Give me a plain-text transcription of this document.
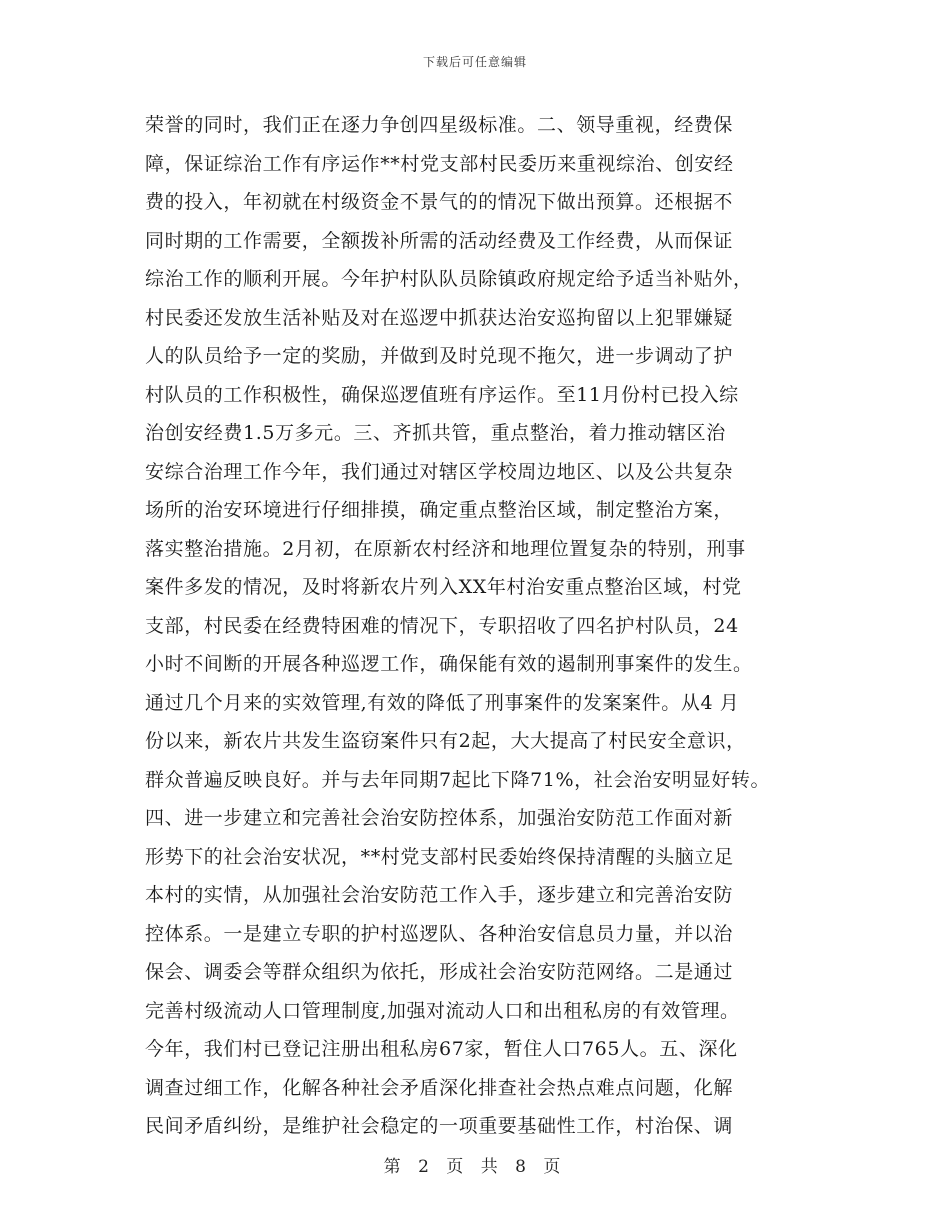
下载后可任意编辑
荣誉的同时，我们正在逐力争创四星级标准。二、领导重视，经费保
障，保证综治工作有序运作**村党支部村民委历来重视综治、创安经
费的投入，年初就在村级资金不景气的的情况下做出预算。还根据不
同时期的工作需要，全额拨补所需的活动经费及工作经费，从而保证
综治工作的顺利开展。今年护村队队员除镇政府规定给予适当补贴外，
村民委还发放生活补贴及对在巡逻中抓获达治安巡拘留以上犯罪嫌疑
人的队员给予一定的奖励，并做到及时兑现不拖欠，进一步调动了护
村队员的工作积极性，确保巡逻值班有序运作。至11月份村已投入综
治创安经费1.5万多元。三、齐抓共管，重点整治，着力推动辖区治
安综合治理工作今年，我们通过对辖区学校周边地区、以及公共复杂
场所的治安环境进行仔细排摸，确定重点整治区域，制定整治方案，
落实整治措施。2月初，在原新农村经济和地理位置复杂的特别，刑事
案件多发的情况，及时将新农片列入XX年村治安重点整治区域，村党
支部，村民委在经费特困难的情况下，专职招收了四名护村队员，24
小时不间断的开展各种巡逻工作，确保能有效的遏制刑事案件的发生。
通过几个月来的实效管理,有效的降低了刑事案件的发案案件。从4 月
份以来，新农片共发生盗窃案件只有2起，大大提高了村民安全意识，
群众普遍反映良好。并与去年同期7起比下降71%，社会治安明显好转。
四、进一步建立和完善社会治安防控体系，加强治安防范工作面对新
形势下的社会治安状况，**村党支部村民委始终保持清醒的头脑立足
本村的实情，从加强社会治安防范工作入手，逐步建立和完善治安防
控体系。一是建立专职的护村巡逻队、各种治安信息员力量，并以治
保会、调委会等群众组织为依托，形成社会治安防范网络。二是通过
完善村级流动人口管理制度,加强对流动人口和出租私房的有效管理。
今年，我们村已登记注册出租私房67家，暂住人口765人。五、深化
调查过细工作，化解各种社会矛盾深化排查社会热点难点问题，化解
民间矛盾纠纷，是维护社会稳定的一项重要基础性工作，村治保、调
第 2 页 共 8 页
